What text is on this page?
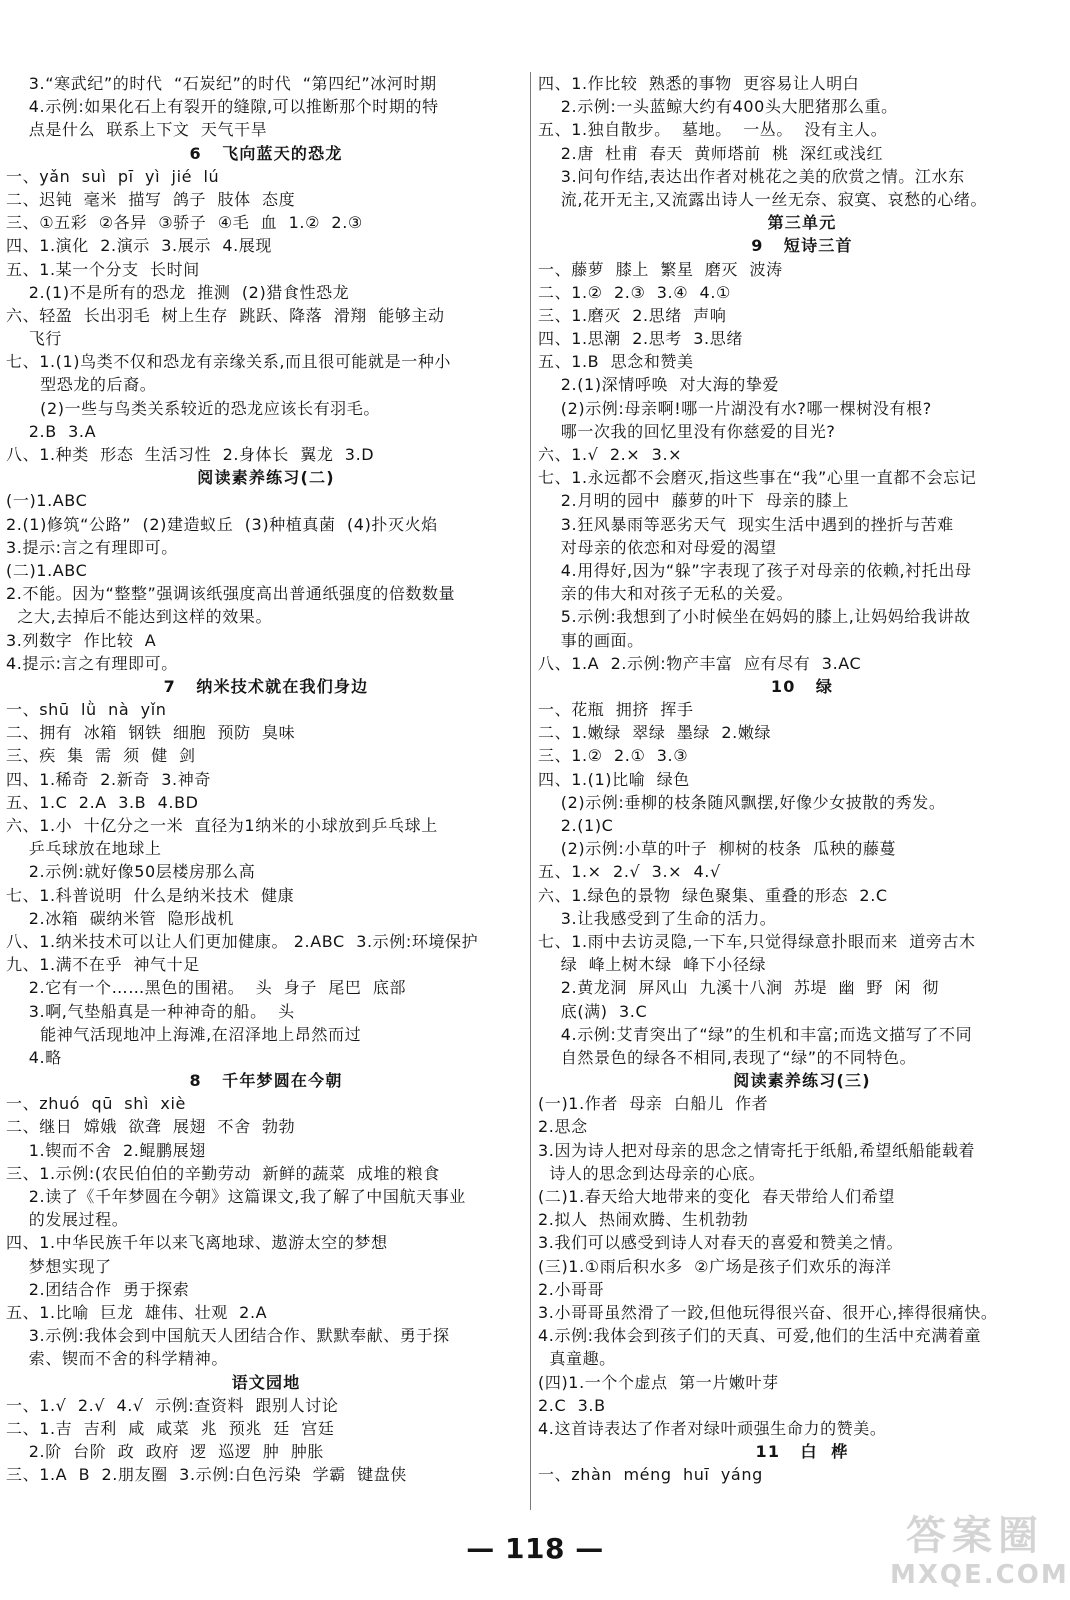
3.“寒武纪”的时代  “石炭纪”的时代  “第四纪”冰河时期
4.示例:如果化石上有裂开的缝隙,可以推断那个时期的特
点是什么  联系上下文  天气干旱
6   飞向蓝天的恐龙
一、yǎn  suì  pī  yì  jié  lú
二、迟钝  毫米  描写  鸽子  肢体  态度
三、①五彩  ②各异  ③骄子  ④毛  血  1.②  2.③
四、1.演化  2.演示  3.展示  4.展现
五、1.某一个分支  长时间
2.(1)不是所有的恐龙  推测  (2)猎食性恐龙
六、轻盈  长出羽毛  树上生存  跳跃、降落  滑翔  能够主动
飞行
七、1.(1)鸟类不仅和恐龙有亲缘关系,而且很可能就是一种小
型恐龙的后裔。
(2)一些与鸟类关系较近的恐龙应该长有羽毛。
2.B  3.A
八、1.种类  形态  生活习性  2.身体长  翼龙  3.D
阅读素养练习(二)
(一)1.ABC
2.(1)修筑“公路”  (2)建造蚁丘  (3)种植真菌  (4)扑灭火焰
3.提示:言之有理即可。
(二)1.ABC
2.不能。因为“整整”强调该纸强度高出普通纸强度的倍数数量
之大,去掉后不能达到这样的效果。
3.列数字  作比较  A
4.提示:言之有理即可。
7   纳米技术就在我们身边
一、shū  lǜ  nà  yǐn
二、拥有  冰箱  钢铁  细胞  预防  臭味
三、疾  集  需  须  健  剑
四、1.稀奇  2.新奇  3.神奇
五、1.C  2.A  3.B  4.BD
六、1.小  十亿分之一米  直径为1纳米的小球放到乒乓球上
乒乓球放在地球上
2.示例:就好像50层楼房那么高
七、1.科普说明  什么是纳米技术  健康
2.冰箱  碳纳米管  隐形战机
八、1.纳米技术可以让人们更加健康。 2.ABC  3.示例:环境保护
九、1.满不在乎  神气十足
2.它有一个……黑色的围裙。  头  身子  尾巴  底部
3.啊,气垫船真是一种神奇的船。  头
能神气活现地冲上海滩,在沼泽地上昂然而过
4.略
8   千年梦圆在今朝
一、zhuó  qū  shì  xiè
二、继日  嫦娥  欲聋  展翅  不舍  勃勃
1.锲而不舍  2.鲲鹏展翅
三、1.示例:(农民伯伯的辛勤劳动  新鲜的蔬菜  成堆的粮食
2.读了《千年梦圆在今朝》这篇课文,我了解了中国航天事业
的发展过程。
四、1.中华民族千年以来飞离地球、遨游太空的梦想
梦想实现了
2.团结合作  勇于探索
五、1.比喻  巨龙  雄伟、壮观  2.A
3.示例:我体会到中国航天人团结合作、默默奉献、勇于探
索、锲而不舍的科学精神。
语文园地
一、1.√  2.√  4.√  示例:查资料  跟别人讨论
二、1.吉  吉利  咸  咸菜  兆  预兆  廷  宫廷
2.阶  台阶  政  政府  逻  巡逻  肿  肿胀
三、1.A  B  2.朋友圈  3.示例:白色污染  学霸  键盘侠
四、1.作比较  熟悉的事物  更容易让人明白
2.示例:一头蓝鲸大约有400头大肥猪那么重。
五、1.独自散步。  墓地。  一丛。  没有主人。
2.唐  杜甫  春天  黄师塔前  桃  深红或浅红
3.问句作结,表达出作者对桃花之美的欣赏之情。江水东
流,花开无主,又流露出诗人一丝无奈、寂寞、哀愁的心绪。
第三单元
9   短诗三首
一、藤萝  膝上  繁星  磨灭  波涛
二、1.②  2.③  3.④  4.①
三、1.磨灭  2.思绪  声响
四、1.思潮  2.思考  3.思绪
五、1.B  思念和赞美
2.(1)深情呼唤  对大海的挚爱
(2)示例:母亲啊!哪一片湖没有水?哪一棵树没有根?
哪一次我的回忆里没有你慈爱的目光?
六、1.√  2.×  3.×
七、1.永远都不会磨灭,指这些事在“我”心里一直都不会忘记
2.月明的园中  藤萝的叶下  母亲的膝上
3.狂风暴雨等恶劣天气  现实生活中遇到的挫折与苦难
对母亲的依恋和对母爱的渴望
4.用得好,因为“躲”字表现了孩子对母亲的依赖,衬托出母
亲的伟大和对孩子无私的关爱。
5.示例:我想到了小时候坐在妈妈的膝上,让妈妈给我讲故
事的画面。
八、1.A  2.示例:物产丰富  应有尽有  3.AC
10   绿
一、花瓶  拥挤  挥手
二、1.嫩绿  翠绿  墨绿  2.嫩绿
三、1.②  2.①  3.③
四、1.(1)比喻  绿色
(2)示例:垂柳的枝条随风飘摆,好像少女披散的秀发。
2.(1)C
(2)示例:小草的叶子  柳树的枝条  瓜秧的藤蔓
五、1.×  2.√  3.×  4.√
六、1.绿色的景物  绿色聚集、重叠的形态  2.C
3.让我感受到了生命的活力。
七、1.雨中去访灵隐,一下车,只觉得绿意扑眼而来  道旁古木
绿  峰上树木绿  峰下小径绿
2.黄龙洞  屏风山  九溪十八涧  苏堤  幽  野  闲  彻
底(满)  3.C
4.示例:艾青突出了“绿”的生机和丰富;而选文描写了不同
自然景色的绿各不相同,表现了“绿”的不同特色。
阅读素养练习(三)
(一)1.作者  母亲  白船儿  作者
2.思念
3.因为诗人把对母亲的思念之情寄托于纸船,希望纸船能载着
诗人的思念到达母亲的心底。
(二)1.春天给大地带来的变化  春天带给人们希望
2.拟人  热闹欢腾、生机勃勃
3.我们可以感受到诗人对春天的喜爱和赞美之情。
(三)1.①雨后积水多  ②广场是孩子们欢乐的海洋
2.小哥哥
3.小哥哥虽然滑了一跤,但他玩得很兴奋、很开心,摔得很痛快。
4.示例:我体会到孩子们的天真、可爱,他们的生活中充满着童
真童趣。
(四)1.一个个虚点  第一片嫩叶芽
2.C  3.B
4.这首诗表达了作者对绿叶顽强生命力的赞美。
11   白  桦
一、zhàn  méng  huī  yáng
— 118 —	答案圈
MXQE.COM
